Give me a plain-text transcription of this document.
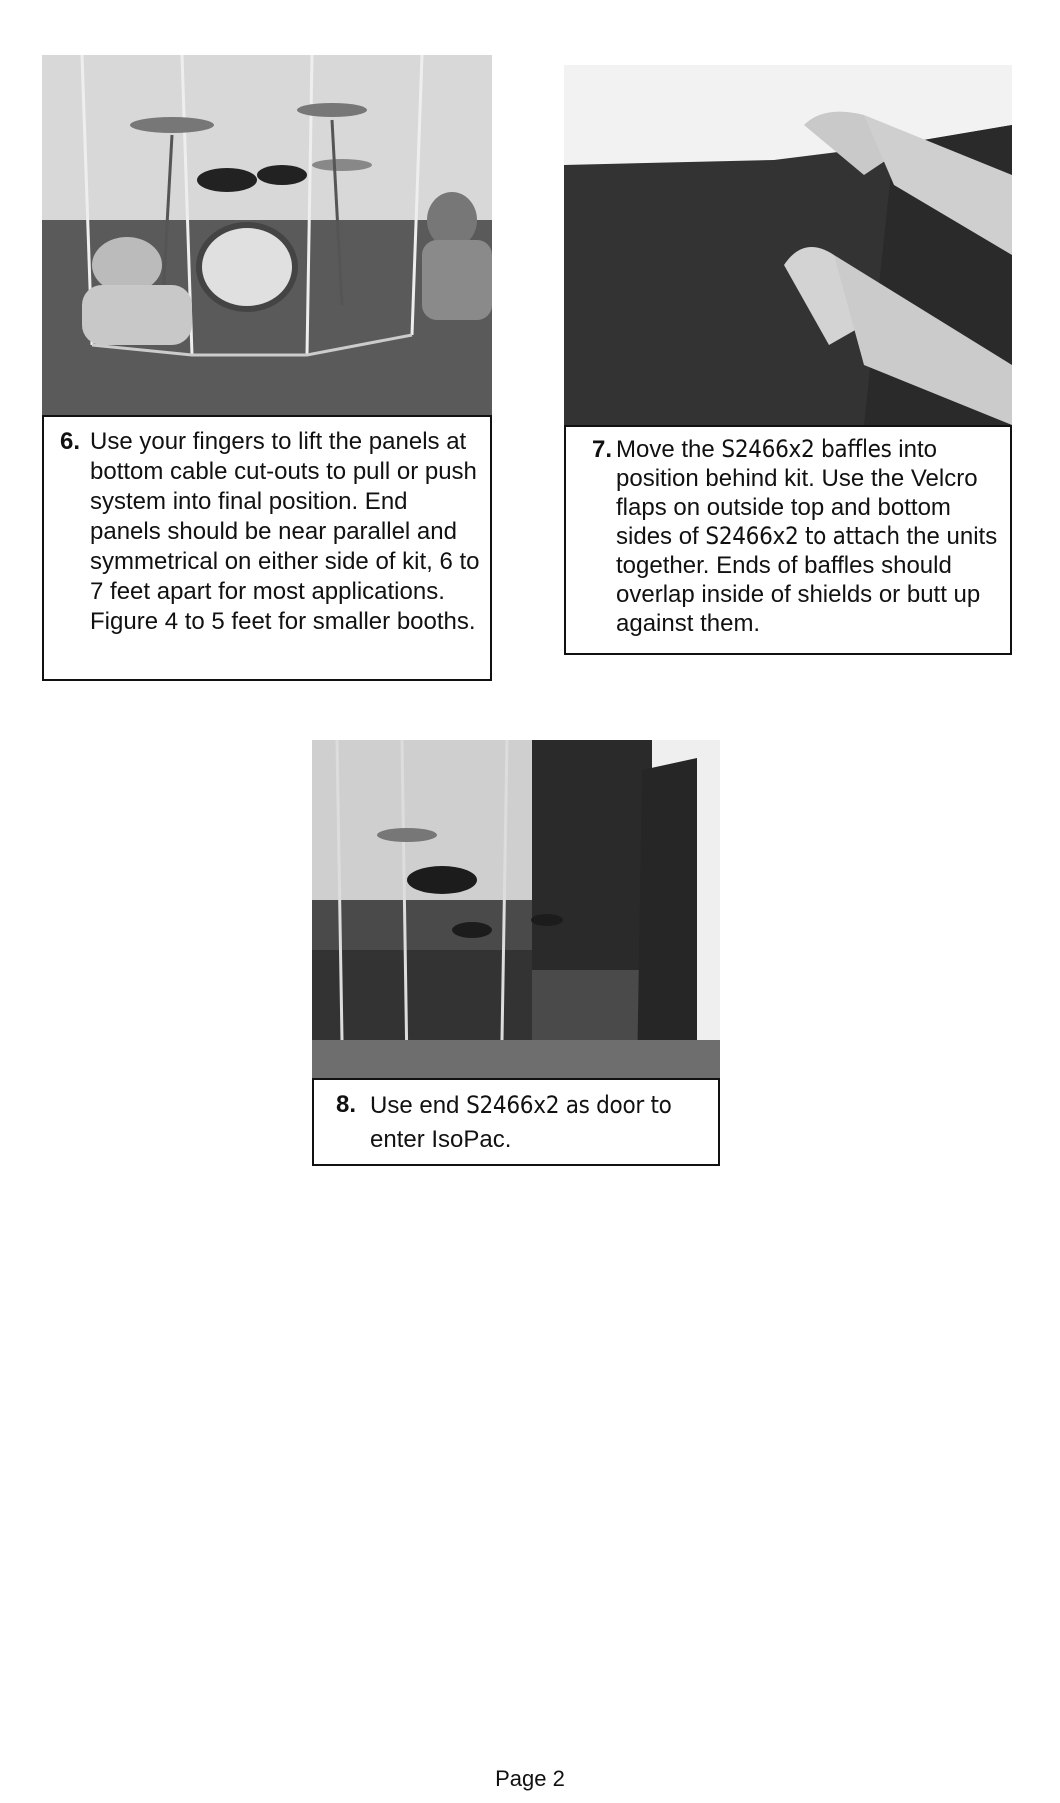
6. Use your fingers to lift the panels at bottom cable cut-outs to pull or push system into final position. End panels should be near parallel and symmetrical on either side of kit, 6 to 7 feet apart for most applications. Figure 4 to 5 feet for smaller booths.
7. Move the S2466x2 baffles into position behind kit. Use the Velcro flaps on outside top and bottom sides of S2466x2 to attach the units together. Ends of baffles should overlap inside of shields or butt up against them.
8. Use end S2466x2 as door to enter IsoPac.
Page 2
